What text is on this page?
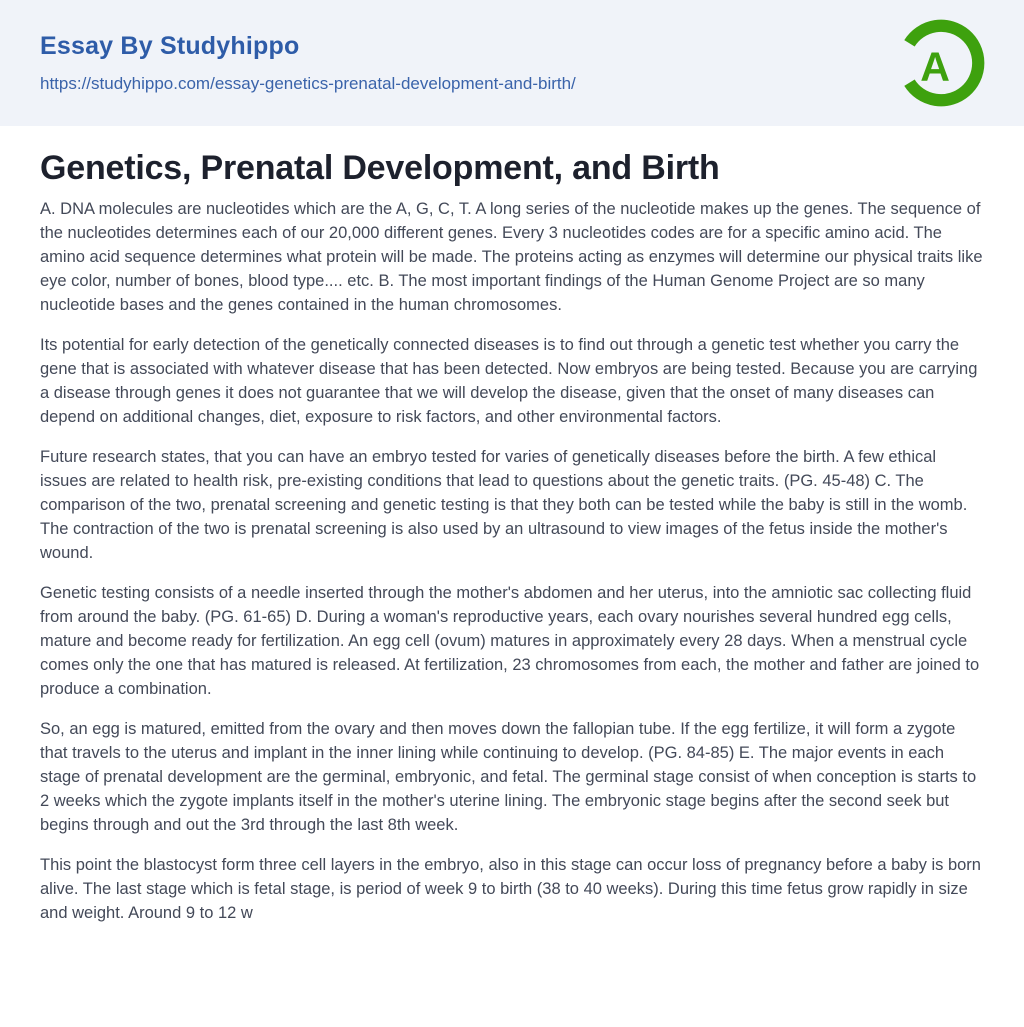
Essay By Studyhippo
https://studyhippo.com/essay-genetics-prenatal-development-and-birth/	A
Genetics, Prenatal Development, and Birth

A. DNA molecules are nucleotides which are the A, G, C, T. A long series of the nucleotide makes up the genes. The sequence of the nucleotides determines each of our 20,000 different genes. Every 3 nucleotides codes are for a specific amino acid. The amino acid sequence determines what protein will be made. The proteins acting as enzymes will determine our physical traits like eye color, number of bones, blood type.... etc. B. The most important findings of the Human Genome Project are so many nucleotide bases and the genes contained in the human chromosomes.

Its potential for early detection of the genetically connected diseases is to find out through a genetic test whether you carry the gene that is associated with whatever disease that has been detected. Now embryos are being tested. Because you are carrying a disease through genes it does not guarantee that we will develop the disease, given that the onset of many diseases can depend on additional changes, diet, exposure to risk factors, and other environmental factors.

Future research states, that you can have an embryo tested for varies of genetically diseases before the birth. A few ethical issues are related to health risk, pre-existing conditions that lead to questions about the genetic traits. (PG. 45-48) C. The comparison of the two, prenatal screening and genetic testing is that they both can be tested while the baby is still in the womb. The contraction of the two is prenatal screening is also used by an ultrasound to view images of the fetus inside the mother's wound.

Genetic testing consists of a needle inserted through the mother's abdomen and her uterus, into the amniotic sac collecting fluid from around the baby. (PG. 61-65) D. During a woman's reproductive years, each ovary nourishes several hundred egg cells, mature and become ready for fertilization. An egg cell (ovum) matures in approximately every 28 days. When a menstrual cycle comes only the one that has matured is released. At fertilization, 23 chromosomes from each, the mother and father are joined to produce a combination.

So, an egg is matured, emitted from the ovary and then moves down the fallopian tube. If the egg fertilize, it will form a zygote that travels to the uterus and implant in the inner lining while continuing to develop. (PG. 84-85) E. The major events in each stage of prenatal development are the germinal, embryonic, and fetal. The germinal stage consist of when conception is starts to 2 weeks which the zygote implants itself in the mother's uterine lining. The embryonic stage begins after the second seek but begins through and out the 3rd through the last 8th week.

This point the blastocyst form three cell layers in the embryo, also in this stage can occur loss of pregnancy before a baby is born alive. The last stage which is fetal stage, is period of week 9 to birth (38 to 40 weeks). During this time fetus grow rapidly in size and weight. Around 9 to 12 w
